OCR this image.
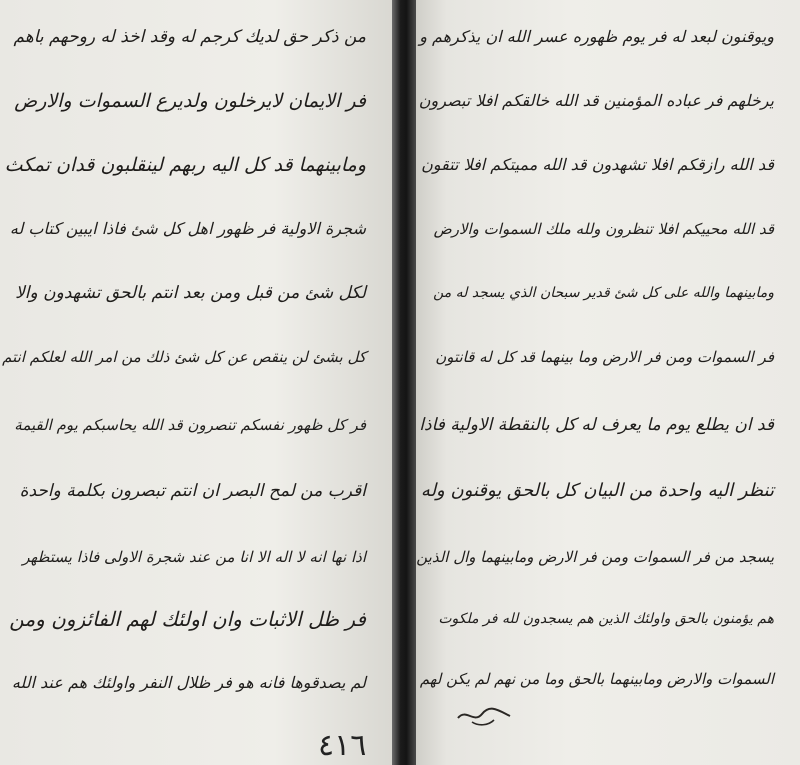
من ذكر حق لديك كرجم له وقد اخذ له روحهم باهم
فر الايمان لايرخلون ولديرع السموات والارض
ومابينهما قد كل اليه ربهم لينقلبون قدان تمكث
شجرة الاولية فر ظهور اهل كل شئ فاذا ايبين كتاب له
لكل شئ من قبل ومن بعد انتم بالحق تشهدون والا
كل بشئ لن ينقص عن كل شئ ذلك من امر الله لعلكم انتم
فر كل ظهور نفسكم تنصرون قد الله يحاسبكم يوم القيمة
اقرب من لمح البصر ان انتم تبصرون بكلمة واحدة
اذا نها انه لا اله الا انا من عند شجرة الاولى فاذا يستظهر
فر ظل الاثبات وان اولئك لهم الفائزون ومن
لم يصدقوها فانه هو فر ظلال النفر واولئك هم عند الله
٤١٦
ويوقنون لبعد له فر يوم ظهوره عسر الله ان يذكرهم و
يرخلهم فر عباده المؤمنين قد الله خالقكم افلا تبصرون
قد الله رازقكم افلا تشهدون قد الله مميتكم افلا تتقون
قد الله محييكم افلا تنظرون ولله ملك السموات والارض
ومابينهما والله على كل شئ قدير سبحان الذي يسجد له من
فر السموات ومن فر الارض وما بينهما قد كل له قانتون
قد ان يطلع يوم ما يعرف له كل بالنقطة الاولية فاذا
تنظر اليه واحدة من البيان كل بالحق يوقنون وله
يسجد من فر السموات ومن فر الارض ومابينهما وال الذين
هم يؤمنون بالحق واولئك الذين هم يسجدون لله فر ملكوت
السموات والارض ومابينهما بالحق وما من نهم لم يكن لهم
